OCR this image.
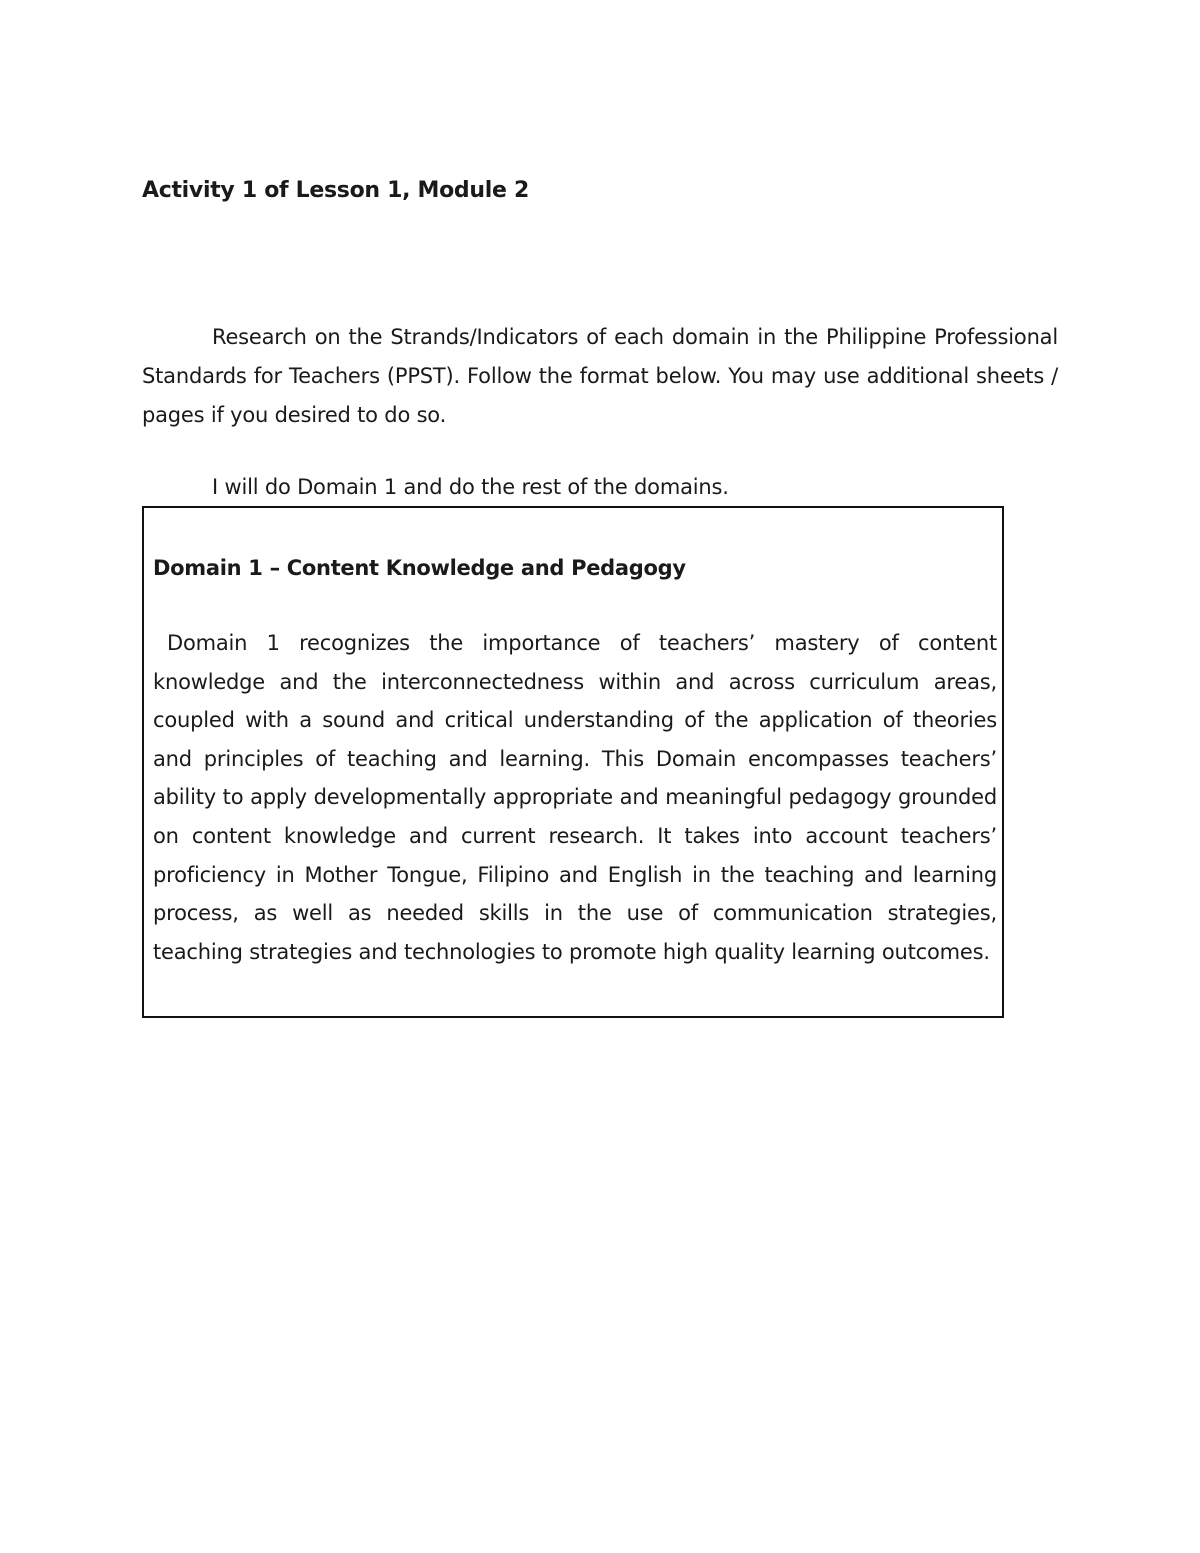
Activity 1 of Lesson 1, Module 2

Research on the Strands/Indicators of each domain in the Philippine Professional Standards for Teachers (PPST). Follow the format below. You may use additional sheets / pages if you desired to do so.

I will do Domain 1 and do the rest of the domains.

Domain 1 – Content Knowledge and Pedagogy

Domain 1 recognizes the importance of teachers’ mastery of content knowledge and the interconnectedness within and across curriculum areas, coupled with a sound and critical understanding of the application of theories and principles of teaching and learning. This Domain encompasses teachers’ ability to apply developmentally appropriate and meaningful pedagogy grounded on content knowledge and current research. It takes into account teachers’ proficiency in Mother Tongue, Filipino and English in the teaching and learning process, as well as needed skills in the use of communication strategies, teaching strategies and technologies to promote high quality learning outcomes.
